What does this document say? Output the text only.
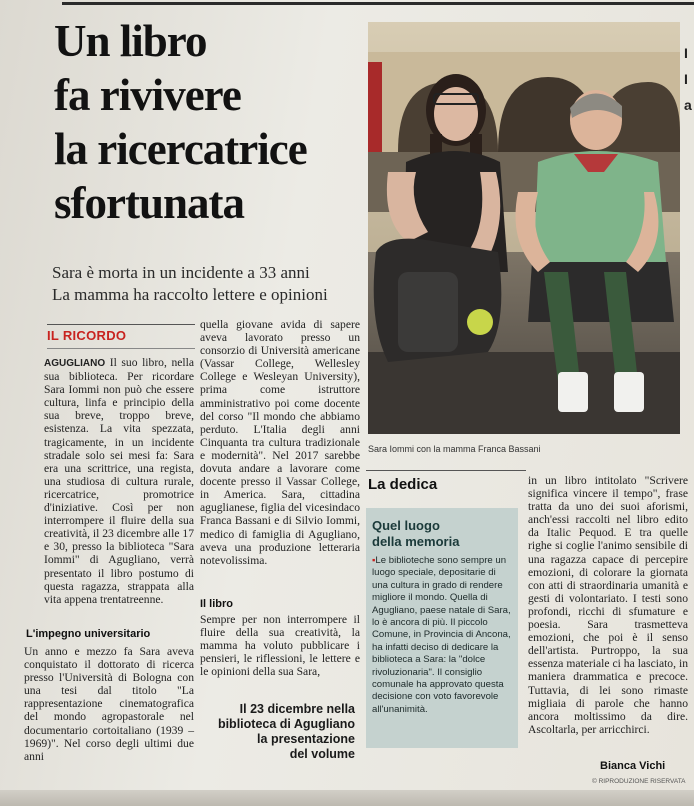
Un libro
fa rivivere
la ricercatrice
sfortunata
Sara è morta in un incidente a 33 anni
La mamma ha raccolto lettere e opinioni
IL RICORDO
AGUGLIANO Il suo libro, nella sua biblioteca. Per ricordare Sara Iommi non può che essere cultura, linfa e principio della sua breve, troppo breve, esistenza. La vita spezzata, tragicamente, in un incidente stradale solo sei mesi fa: Sara era una scrittrice, una regista, una studiosa di cultura rurale, ricercatrice, promotrice d'iniziative. Così per non interrompere il fluire della sua creatività, il 23 dicembre alle 17 e 30, presso la biblioteca "Sara Iommi" di Agugliano, verrà presentato il libro postumo di questa ragazza, strappata alla vita appena trentatreenne.
L'impegno universitario
Un anno e mezzo fa Sara aveva conquistato il dottorato di ricerca presso l'Università di Bologna con una tesi dal titolo "La rappresentazione cinematografica del mondo agropastorale nel documentario cortoitaliano (1939 – 1969)". Nel corso degli ultimi due anni
quella giovane avida di sapere aveva lavorato presso un consorzio di Università americane (Vassar College, Wellesley College e Wesleyan University), prima come istruttore amministrativo poi come docente del corso "Il mondo che abbiamo perduto. L'Italia degli anni Cinquanta tra cultura tradizionale e modernità". Nel 2017 sarebbe dovuta andare a lavorare come docente presso il Vassar College, in America. Sara, cittadina aguglianese, figlia del vicesindaco Franca Bassani e di Silvio Iommi, medico di famiglia di Agugliano, aveva una produzione letteraria notevolissima.
Il libro
Sempre per non interrompere il fluire della sua creatività, la mamma ha voluto pubblicare i pensieri, le riflessioni, le lettere e le opinioni della sua Sara,
Il 23 dicembre nella
biblioteca di Agugliano
la presentazione
del volume
Sara Iommi con la mamma Franca Bassani
La dedica
Quel luogo
della memoria
▪Le biblioteche sono sempre un luogo speciale, depositarie di una cultura in grado di rendere migliore il mondo. Quella di Agugliano, paese natale di Sara, lo è ancora di più. Il piccolo Comune, in Provincia di Ancona, ha infatti deciso di dedicare la biblioteca a Sara: la "dolce rivoluzionaria". Il consiglio comunale ha approvato questa decisione con voto favorevole all'unanimità.
in un libro intitolato "Scrivere significa vincere il tempo", frase tratta da uno dei suoi aforismi, anch'essi raccolti nel libro edito da Italic Pequod. E tra quelle righe si coglie l'animo sensibile di una ragazza capace di percepire emozioni, di colorare la giornata con atti di straordinaria umanità e gesti di volontariato. I testi sono profondi, ricchi di sfumature e poesia. Sara trasmetteva emozioni, che poi è il senso dell'artista. Purtroppo, la sua essenza materiale ci ha lasciato, in maniera drammatica e precoce. Tuttavia, di lei sono rimaste migliaia di parole che hanno ancora moltissimo da dire. Ascoltarla, per arricchirci.
Bianca Vichi
© RIPRODUZIONE RISERVATA
I
I
a
